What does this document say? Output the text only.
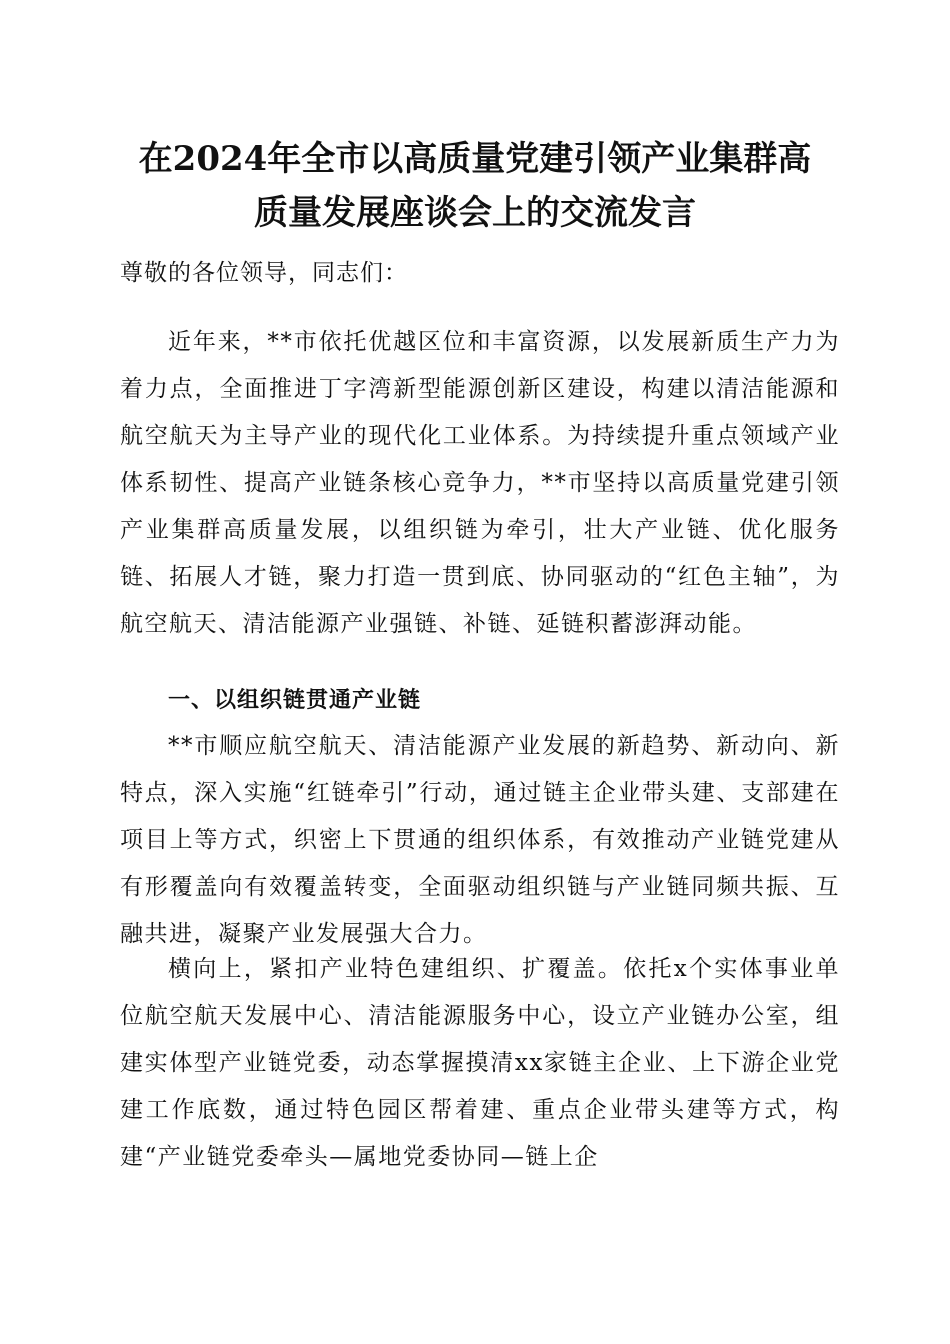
在2024年全市以高质量党建引领产业集群高
质量发展座谈会上的交流发言

尊敬的各位领导，同志们：

近年来，**市依托优越区位和丰富资源，以发展新质生产力为着力点，全面推进丁字湾新型能源创新区建设，构建以清洁能源和航空航天为主导产业的现代化工业体系。为持续提升重点领域产业体系韧性、提高产业链条核心竞争力，**市坚持以高质量党建引领产业集群高质量发展，以组织链为牵引，壮大产业链、优化服务链、拓展人才链，聚力打造一贯到底、协同驱动的“红色主轴”，为航空航天、清洁能源产业强链、补链、延链积蓄澎湃动能。

一、以组织链贯通产业链

**市顺应航空航天、清洁能源产业发展的新趋势、新动向、新特点，深入实施“红链牵引”行动，通过链主企业带头建、支部建在项目上等方式，织密上下贯通的组织体系，有效推动产业链党建从有形覆盖向有效覆盖转变，全面驱动组织链与产业链同频共振、互融共进，凝聚产业发展强大合力。

横向上，紧扣产业特色建组织、扩覆盖。依托x个实体事业单位航空航天发展中心、清洁能源服务中心，设立产业链办公室，组建实体型产业链党委，动态掌握摸清xx家链主企业、上下游企业党建工作底数，通过特色园区帮着建、重点企业带头建等方式，构建“产业链党委牵头—属地党委协同—链上企
